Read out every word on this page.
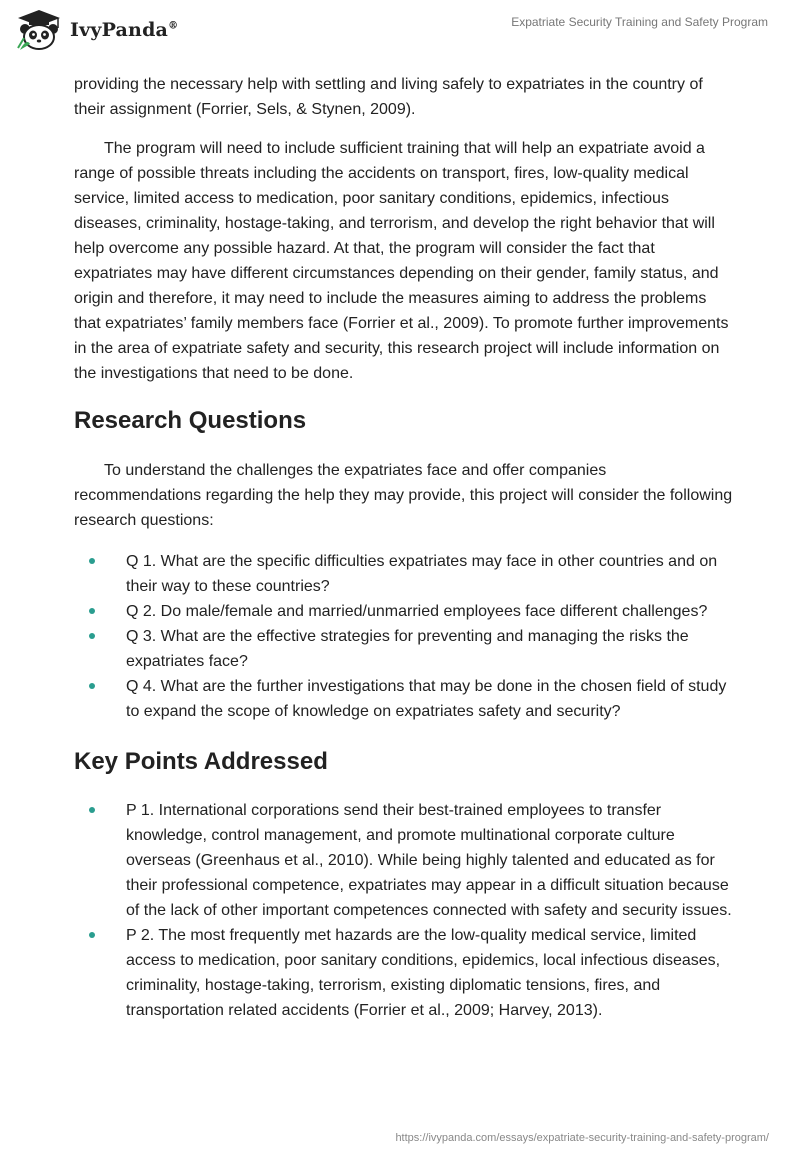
IvyPanda®	Expatriate Security Training and Safety Program

providing the necessary help with settling and living safely to expatriates in the country of their assignment (Forrier, Sels, & Stynen, 2009).

The program will need to include sufficient training that will help an expatriate avoid a range of possible threats including the accidents on transport, fires, low-quality medical service, limited access to medication, poor sanitary conditions, epidemics, infectious diseases, criminality, hostage-taking, and terrorism, and develop the right behavior that will help overcome any possible hazard. At that, the program will consider the fact that expatriates may have different circumstances depending on their gender, family status, and origin and therefore, it may need to include the measures aiming to address the problems that expatriates’ family members face (Forrier et al., 2009). To promote further improvements in the area of expatriate safety and security, this research project will include information on the investigations that need to be done.

Research Questions

To understand the challenges the expatriates face and offer companies recommendations regarding the help they may provide, this project will consider the following research questions:

Q 1. What are the specific difficulties expatriates may face in other countries and on their way to these countries?
Q 2. Do male/female and married/unmarried employees face different challenges?
Q 3. What are the effective strategies for preventing and managing the risks the expatriates face?
Q 4. What are the further investigations that may be done in the chosen field of study to expand the scope of knowledge on expatriates safety and security?
Key Points Addressed
P 1. International corporations send their best-trained employees to transfer knowledge, control management, and promote multinational corporate culture overseas (Greenhaus et al., 2010). While being highly talented and educated as for their professional competence, expatriates may appear in a difficult situation because of the lack of other important competences connected with safety and security issues.
P 2. The most frequently met hazards are the low-quality medical service, limited access to medication, poor sanitary conditions, epidemics, local infectious diseases, criminality, hostage-taking, terrorism, existing diplomatic tensions, fires, and transportation related accidents (Forrier et al., 2009; Harvey, 2013).
https://ivypanda.com/essays/expatriate-security-training-and-safety-program/
